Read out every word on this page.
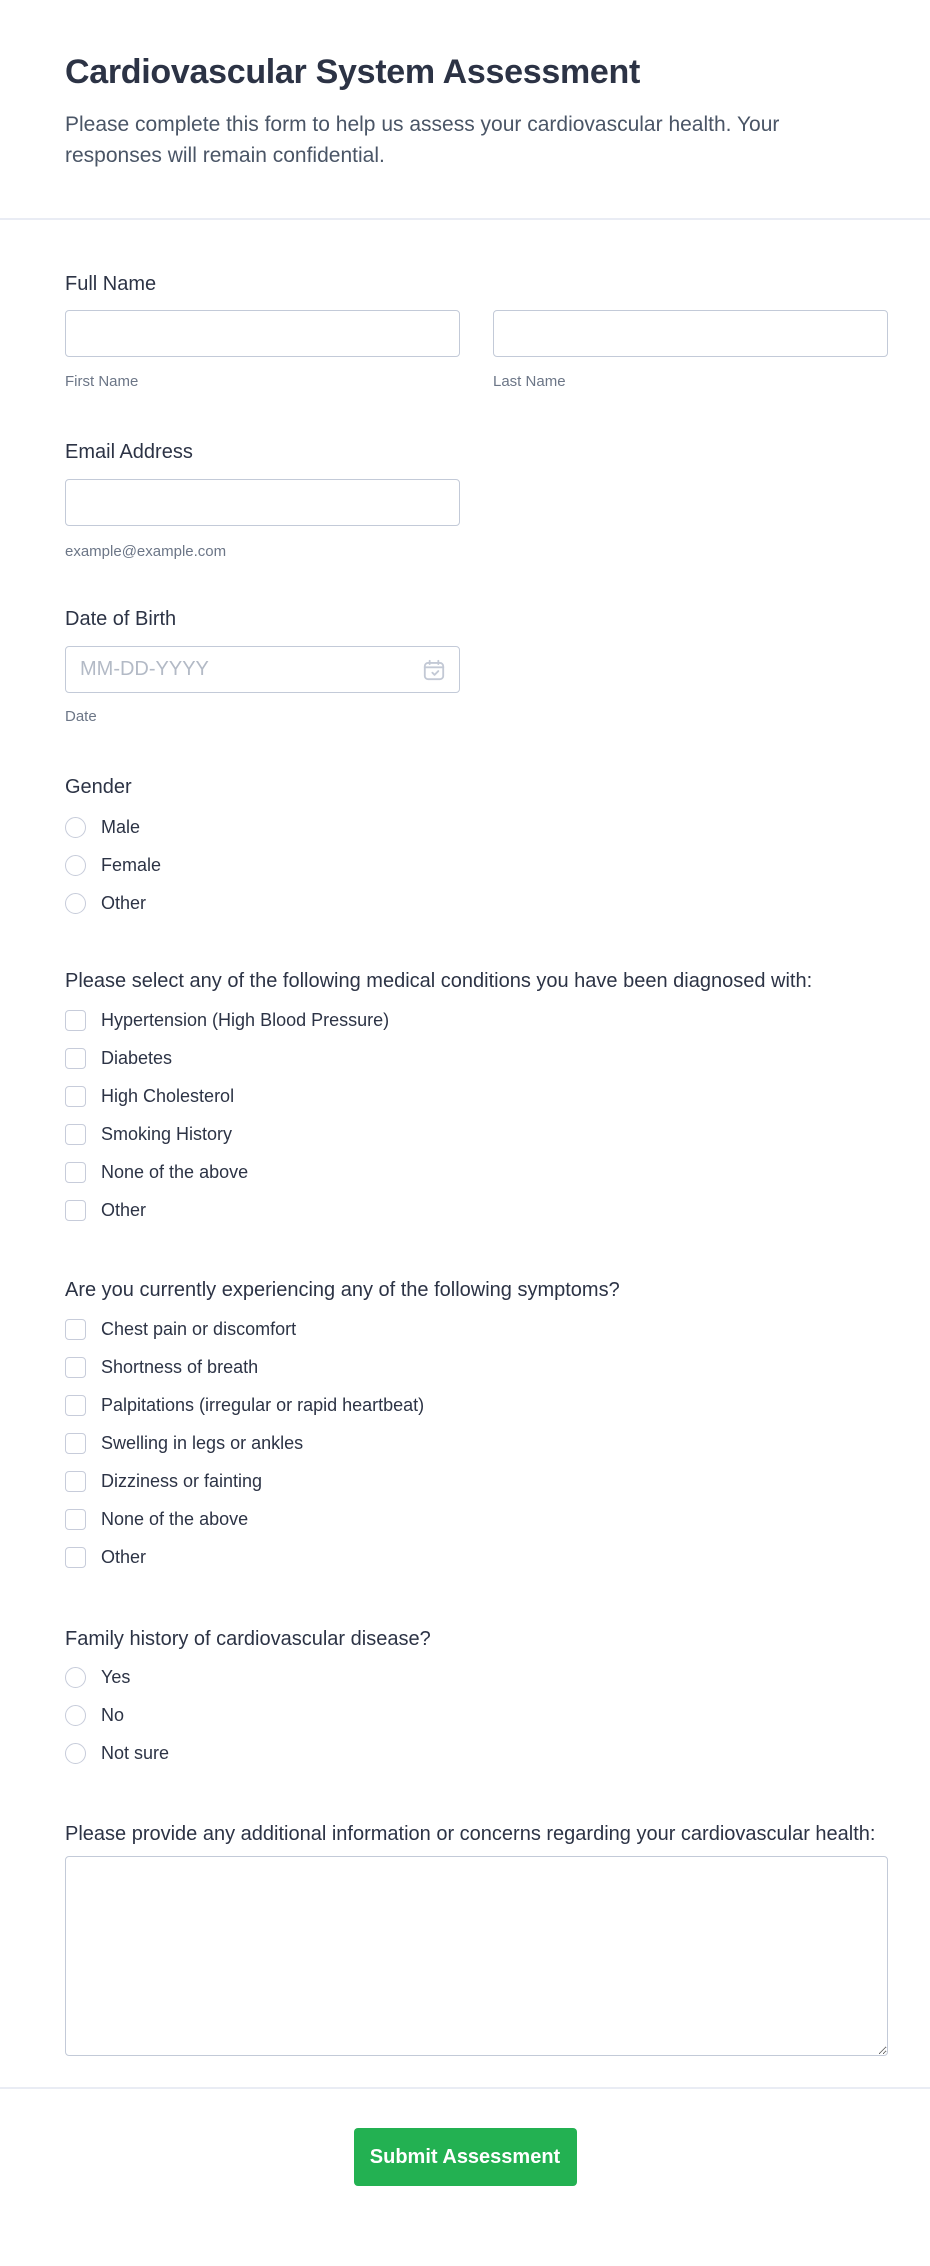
Cardiovascular System Assessment

Please complete this form to help us assess your cardiovascular health. Your responses will remain confidential.

Full Name
First Name	Last Name
Email Address
example@example.com
Date of Birth
MM-DD-YYYY
Date
Gender
Male
Female
Other
Please select any of the following medical conditions you have been diagnosed with:
Hypertension (High Blood Pressure)
Diabetes
High Cholesterol
Smoking History
None of the above
Other
Are you currently experiencing any of the following symptoms?
Chest pain or discomfort
Shortness of breath
Palpitations (irregular or rapid heartbeat)
Swelling in legs or ankles
Dizziness or fainting
None of the above
Other
Family history of cardiovascular disease?
Yes
No
Not sure
Please provide any additional information or concerns regarding your cardiovascular health:
Submit Assessment
